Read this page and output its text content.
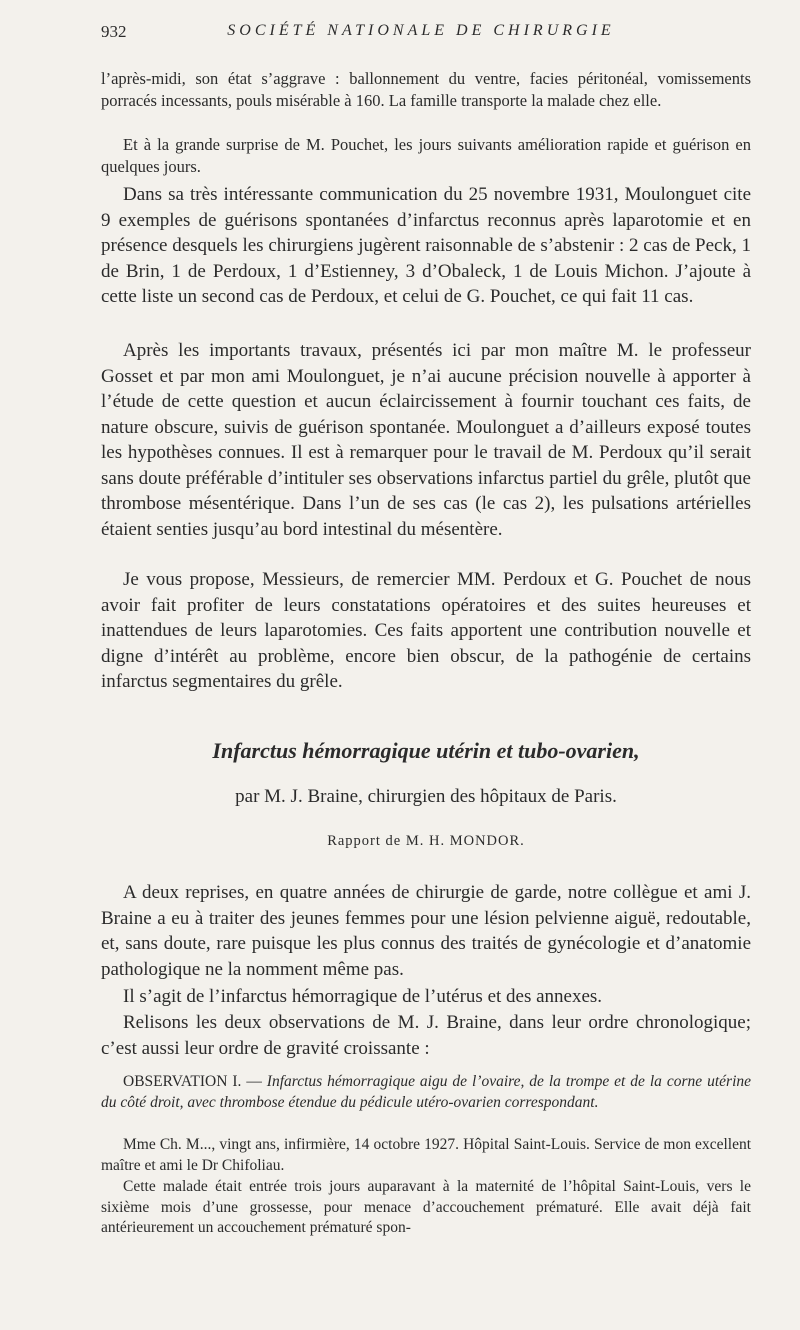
932	SOCIÉTÉ NATIONALE DE CHIRURGIE

l’après-midi, son état s’aggrave : ballonnement du ventre, facies péritonéal, vomissements porracés incessants, pouls misérable à 160. La famille transporte la malade chez elle.

Et à la grande surprise de M. Pouchet, les jours suivants amélioration rapide et guérison en quelques jours.

Dans sa très intéressante communication du 25 novembre 1931, Moulonguet cite 9 exemples de guérisons spontanées d’infarctus reconnus après laparotomie et en présence desquels les chirurgiens jugèrent raisonnable de s’abstenir : 2 cas de Peck, 1 de Brin, 1 de Perdoux, 1 d’Estienney, 3 d’Obaleck, 1 de Louis Michon. J’ajoute à cette liste un second cas de Perdoux, et celui de G. Pouchet, ce qui fait 11 cas.

Après les importants travaux, présentés ici par mon maître M. le professeur Gosset et par mon ami Moulonguet, je n’ai aucune précision nouvelle à apporter à l’étude de cette question et aucun éclaircissement à fournir touchant ces faits, de nature obscure, suivis de guérison spontanée. Moulonguet a d’ailleurs exposé toutes les hypothèses connues. Il est à remarquer pour le travail de M. Perdoux qu’il serait sans doute préférable d’intituler ses observations infarctus partiel du grêle, plutôt que thrombose mésentérique. Dans l’un de ses cas (le cas 2), les pulsations artérielles étaient senties jusqu’au bord intestinal du mésentère.

Je vous propose, Messieurs, de remercier MM. Perdoux et G. Pouchet de nous avoir fait profiter de leurs constatations opératoires et des suites heureuses et inattendues de leurs laparotomies. Ces faits apportent une contribution nouvelle et digne d’intérêt au problème, encore bien obscur, de la pathogénie de certains infarctus segmentaires du grêle.

Infarctus hémorragique utérin et tubo-ovarien,
par M. J. Braine, chirurgien des hôpitaux de Paris.
Rapport de M. H. MONDOR.

A deux reprises, en quatre années de chirurgie de garde, notre collègue et ami J. Braine a eu à traiter des jeunes femmes pour une lésion pelvienne aiguë, redoutable, et, sans doute, rare puisque les plus connus des traités de gynécologie et d’anatomie pathologique ne la nomment même pas.

Il s’agit de l’infarctus hémorragique de l’utérus et des annexes.

Relisons les deux observations de M. J. Braine, dans leur ordre chronologique; c’est aussi leur ordre de gravité croissante :

OBSERVATION I. — Infarctus hémorragique aigu de l’ovaire, de la trompe et de la corne utérine du côté droit, avec thrombose étendue du pédicule utéro-ovarien correspondant.

Mme Ch. M..., vingt ans, infirmière, 14 octobre 1927. Hôpital Saint-Louis. Service de mon excellent maître et ami le Dr Chifoliau.

Cette malade était entrée trois jours auparavant à la maternité de l’hôpital Saint-Louis, vers le sixième mois d’une grossesse, pour menace d’accouchement prématuré. Elle avait déjà fait antérieurement un accouchement prématuré spon-
